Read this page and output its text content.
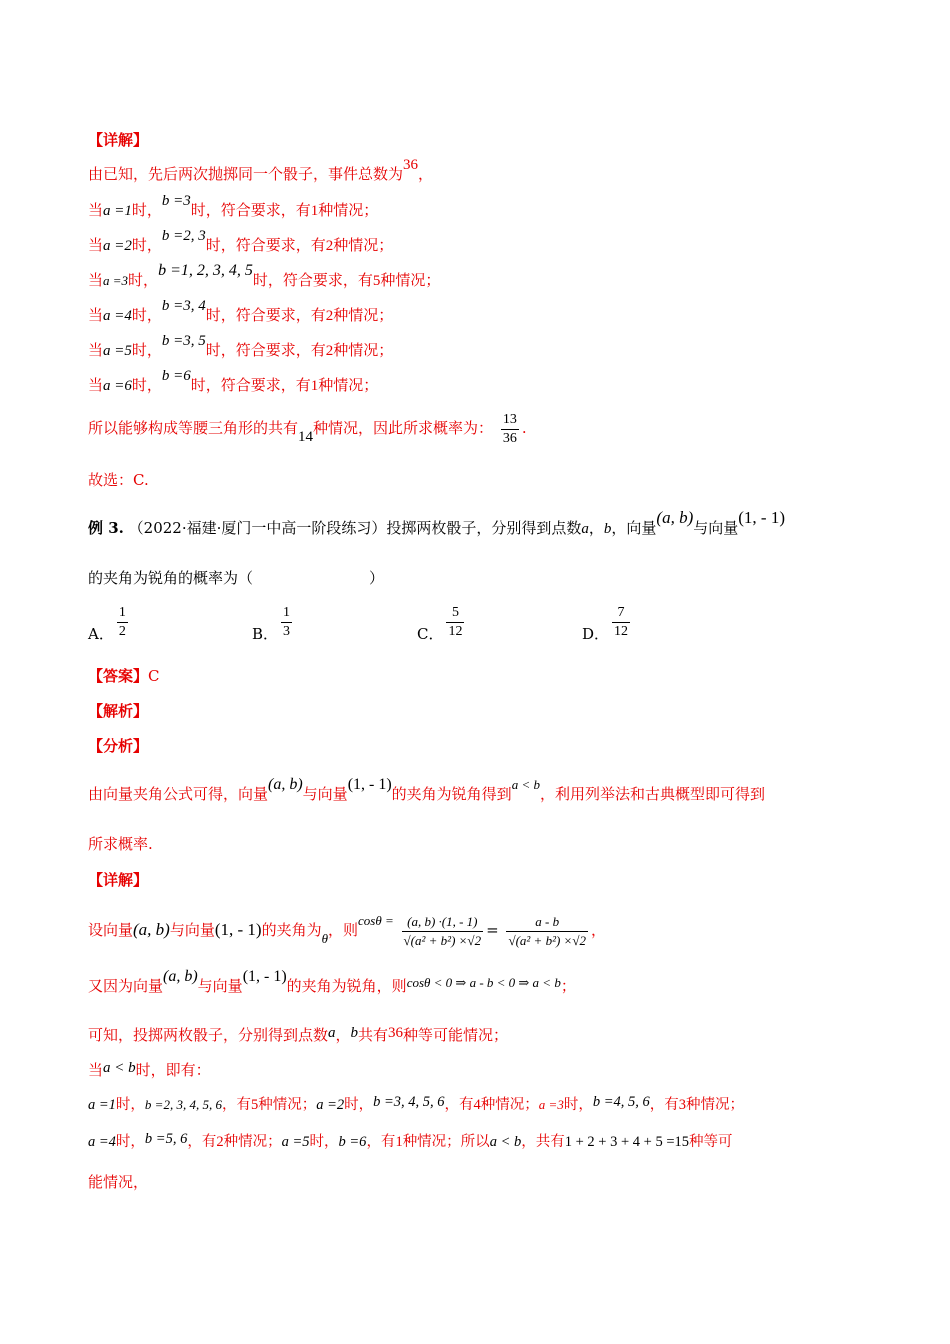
【详解】
由已知，先后两次抛掷同一个骰子，事件总数为36，
当a =1时，b =3时，符合要求，有1种情况；
当a =2时，b =2, 3时，符合要求，有2种情况；
当a =3时，b =1, 2, 3, 4, 5时，符合要求，有5种情况；
当a =4时，b =3, 4时，符合要求，有2种情况；
当a =5时，b =3, 5时，符合要求，有2种情况；
当a =6时，b =6时，符合要求，有1种情况；
所以能够构成等腰三角形的共有14种情况，因此所求概率为： $\frac{13}{36}$ .
故选：C.
例 3. （2022·福建·厦门一中高一阶段练习）投掷两枚骰子，分别得到点数a，b，向量(a, b)与向量(1, - 1)
的夹角为锐角的概率为（	）
A． $\frac{1}{2}$	B． $\frac{1}{3}$	C． $\frac{5}{12}$	D． $\frac{7}{12}$
【答案】C
【解析】
【分析】
由向量夹角公式可得，向量(a, b)与向量(1, - 1)的夹角为锐角得到a < b，利用列举法和古典概型即可得到
所求概率.
【详解】
设向量(a, b)与向量(1, - 1)的夹角为θ，则$\cos\theta = \frac{(a, b) \cdot(1, - 1)}{\text{√(a² + b²) ×√2}} = \frac{a - b}{\text{√(a² + b²) ×√2}}$ ，
又因为向量(a, b)与向量(1, - 1)的夹角为锐角，则cosθ < 0 ⇒ a - b < 0 ⇒ a < b；
可知，投掷两枚骰子，分别得到点数a，b共有36种等可能情况；
当a < b时，即有：
a =1时，b =2, 3, 4, 5, 6，有5种情况；a =2时，b =3, 4, 5, 6，有4种情况；a =3时，b =4, 5, 6，有3种情况；
a =4时，b =5, 6，有2种情况；a =5时，b =6，有1种情况；所以a < b，共有1 + 2 + 3 + 4 + 5 =15种等可
能情况，
